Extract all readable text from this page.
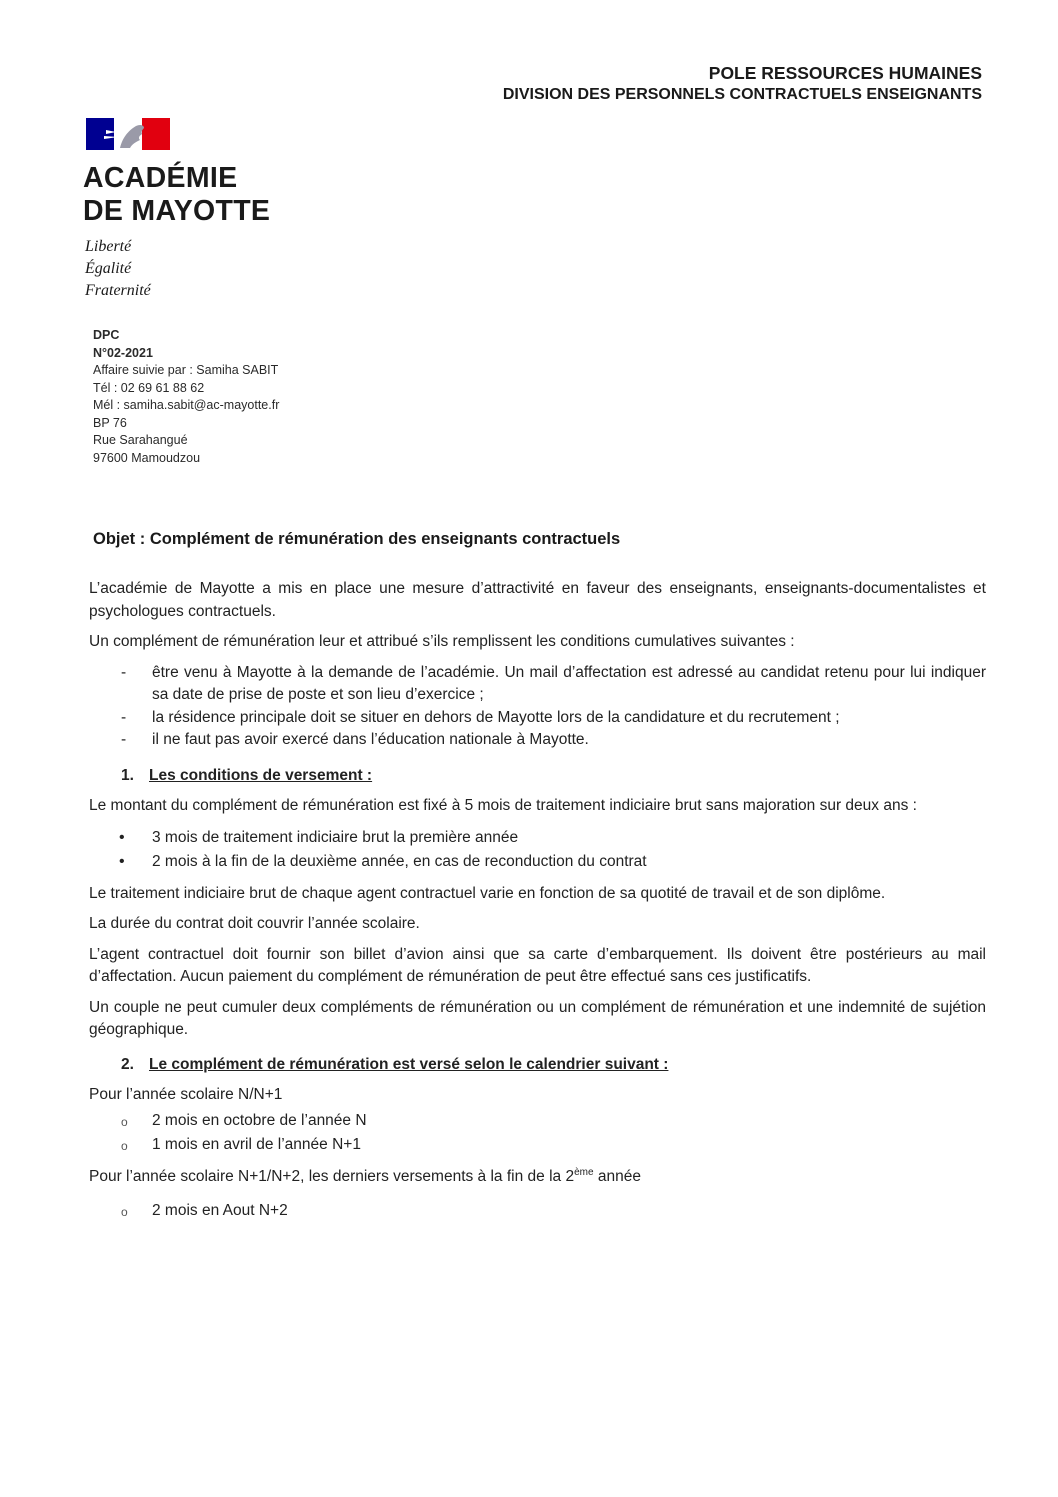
POLE RESSOURCES HUMAINES
DIVISION DES PERSONNELS CONTRACTUELS ENSEIGNANTS
ACADÉMIE
DE MAYOTTE
Liberté
Égalité
Fraternité
DPC
N°02-2021
Affaire suivie par : Samiha SABIT
Tél : 02 69 61 88 62
Mél : samiha.sabit@ac-mayotte.fr
BP 76
Rue Sarahangué
97600 Mamoudzou
Objet : Complément de rémunération des enseignants contractuels

L’académie de Mayotte a mis en place une mesure d’attractivité en faveur des enseignants, enseignants-documentalistes et psychologues contractuels.

Un complément de rémunération leur et attribué s’ils remplissent les conditions cumulatives suivantes :

- être venu à Mayotte à la demande de l’académie. Un mail d’affectation est adressé au candidat retenu pour lui indiquer sa date de prise de poste et son lieu d’exercice ;
- la résidence principale doit se situer en dehors de Mayotte lors de la candidature et du recrutement ;
- il ne faut pas avoir exercé dans l’éducation nationale à Mayotte.
1. Les conditions de versement :

Le montant du complément de rémunération est fixé à 5 mois de traitement indiciaire brut sans majoration sur deux ans :

• 3 mois de traitement indiciaire brut la première année
• 2 mois à la fin de la deuxième année, en cas de reconduction du contrat

Le traitement indiciaire brut de chaque agent contractuel varie en fonction de sa quotité de travail et de son diplôme.

La durée du contrat doit couvrir l’année scolaire.

L’agent contractuel doit fournir son billet d’avion ainsi que sa carte d’embarquement. Ils doivent être postérieurs au mail d’affectation. Aucun paiement du complément de rémunération de peut être effectué sans ces justificatifs.

Un couple ne peut cumuler deux compléments de rémunération ou un complément de rémunération et une indemnité de sujétion géographique.

2. Le complément de rémunération est versé selon le calendrier suivant :

Pour l’année scolaire N/N+1

o 2 mois en octobre de l’année N
o 1 mois en avril de l’année N+1

Pour l’année scolaire N+1/N+2, les derniers versements à la fin de la 2ème année

o 2 mois en Aout N+2
